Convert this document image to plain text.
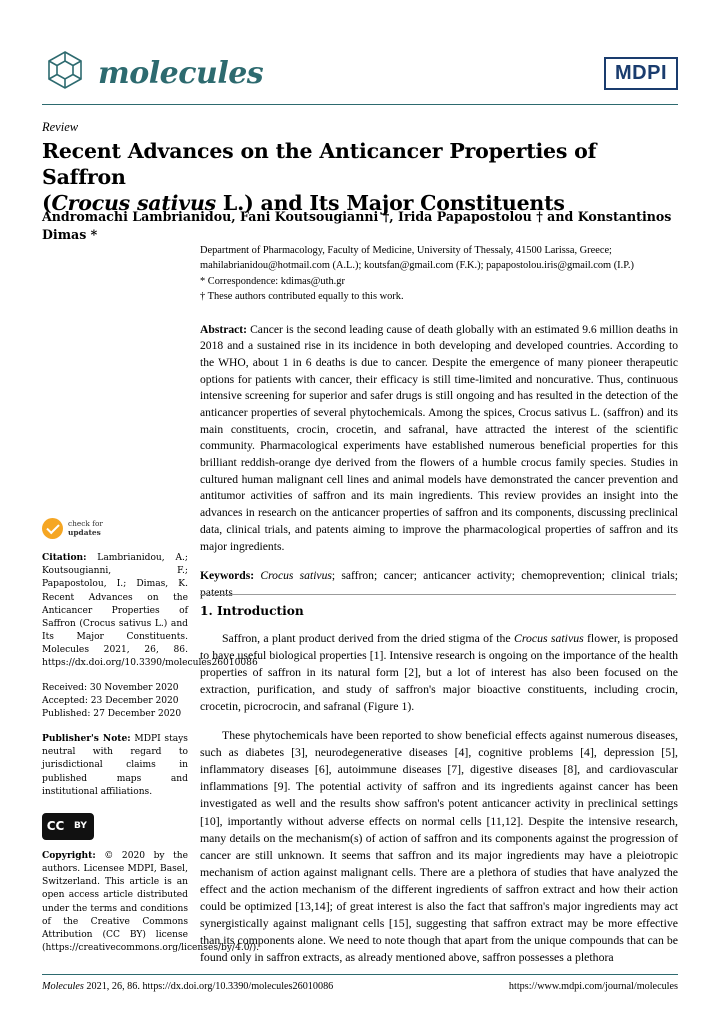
molecules	MDPI
Review
Recent Advances on the Anticancer Properties of Saffron
(Crocus sativus L.) and Its Major Constituents
Andromachi Lambrianidou, Fani Koutsougianni †, Irida Papapostolou † and Konstantinos Dimas *
Department of Pharmacology, Faculty of Medicine, University of Thessaly, 41500 Larissa, Greece;
mahilabrianidou@hotmail.com (A.L.); koutsfan@gmail.com (F.K.); papapostolou.iris@gmail.com (I.P.)
* Correspondence: kdimas@uth.gr
† These authors contributed equally to this work.
Abstract: Cancer is the second leading cause of death globally with an estimated 9.6 million deaths in 2018 and a sustained rise in its incidence in both developing and developed countries. According to the WHO, about 1 in 6 deaths is due to cancer. Despite the emergence of many pioneer therapeutic options for patients with cancer, their efficacy is still time-limited and noncurative. Thus, continuous intensive screening for superior and safer drugs is still ongoing and has resulted in the detection of the anticancer properties of several phytochemicals. Among the spices, Crocus sativus L. (saffron) and its main constituents, crocin, crocetin, and safranal, have attracted the interest of the scientific community. Pharmacological experiments have established numerous beneficial properties for this brilliant reddish-orange dye derived from the flowers of a humble crocus family species. Studies in cultured human malignant cell lines and animal models have demonstrated the cancer prevention and antitumor activities of saffron and its main ingredients. This review provides an insight into the advances in research on the anticancer properties of saffron and its components, discussing preclinical data, clinical trials, and patents aiming to improve the pharmacological properties of saffron and its major ingredients.
Keywords: Crocus sativus; saffron; cancer; anticancer activity; chemoprevention; clinical trials; patents
1. Introduction

Saffron, a plant product derived from the dried stigma of the Crocus sativus flower, is proposed to have useful biological properties [1]. Intensive research is ongoing on the importance of the health properties of saffron in its natural form [2], but a lot of interest has also been focused on the extraction, purification, and study of saffron's major bioactive constituents, including crocin, crocetin, picrocrocin, and safranal (Figure 1).

These phytochemicals have been reported to show beneficial effects against numerous diseases, such as diabetes [3], neurodegenerative diseases [4], cognitive problems [4], depression [5], inflammatory diseases [6], autoimmune diseases [7], digestive diseases [8], and cardiovascular inflammations [9]. The potential activity of saffron and its ingredients against cancer has been investigated as well and the results show saffron's potent anticancer activity in preclinical settings [10], importantly without adverse effects on normal cells [11,12]. Despite the intensive research, many details on the mechanism(s) of action of saffron and its components against the progression of cancer are still unknown. It seems that saffron and its major ingredients may have a pleiotropic mechanism of action against malignant cells. There are a plethora of studies that have analyzed the effect and the action mechanism of the different ingredients of saffron extract and how their action could be optimized [13,14]; of great interest is also the fact that saffron's major ingredients may act synergistically against malignant cells [15], suggesting that saffron extract may be more effective than its components alone. We need to note though that apart from the unique compounds that can be found only in saffron extracts, as already mentioned above, saffron possesses a plethora

check for
updates
Citation: Lambrianidou, A.; Koutsougianni, F.; Papapostolou, I.; Dimas, K. Recent Advances on the Anticancer Properties of Saffron (Crocus sativus L.) and Its Major Constituents. Molecules 2021, 26, 86. https://dx.doi.org/10.3390/molecules26010086
Received: 30 November 2020
Accepted: 23 December 2020
Published: 27 December 2020
Publisher's Note: MDPI stays neutral with regard to jurisdictional claims in published maps and institutional affiliations.
CC	BY
Copyright: © 2020 by the authors. Licensee MDPI, Basel, Switzerland. This article is an open access article distributed under the terms and conditions of the Creative Commons Attribution (CC BY) license (https://creativecommons.org/licenses/by/4.0/).
Molecules 2021, 26, 86. https://dx.doi.org/10.3390/molecules26010086	https://www.mdpi.com/journal/molecules
